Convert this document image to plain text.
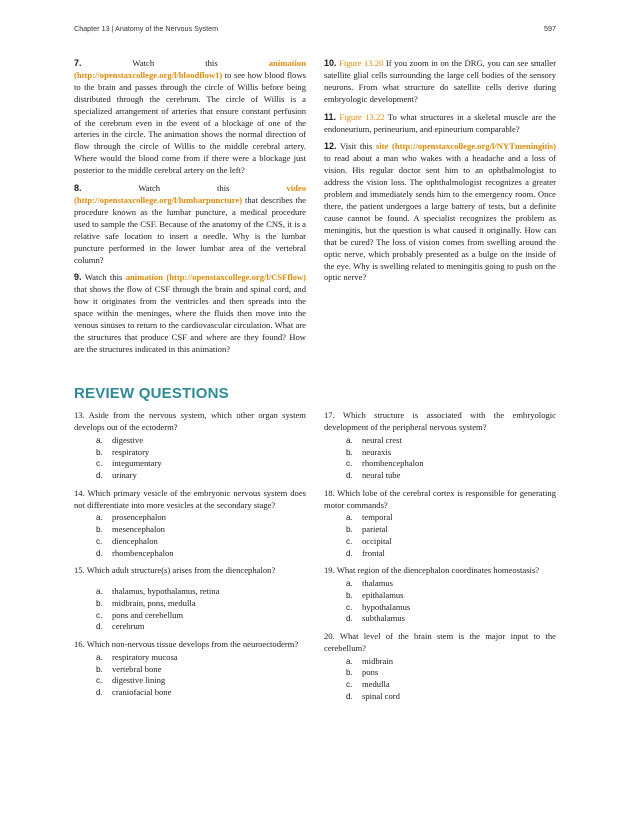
Chapter 13 | Anatomy of the Nervous System	597

7. Watch this animation (http://openstaxcollege.org/l/bloodflow1) to see how blood flows to the brain and passes through the circle of Willis before being distributed through the cerebrum. The circle of Willis is a specialized arrangement of arteries that ensure constant perfusion of the cerebrum even in the event of a blockage of one of the arteries in the circle. The animation shows the normal direction of flow through the circle of Willis to the middle cerebral artery. Where would the blood come from if there were a blockage just posterior to the middle cerebral artery on the left?

8. Watch this video (http://openstaxcollege.org/l/lumbarpuncture) that describes the procedure known as the lumbar puncture, a medical procedure used to sample the CSF. Because of the anatomy of the CNS, it is a relative safe location to insert a needle. Why is the lumbar puncture performed in the lower lumbar area of the vertebral column?

9. Watch this animation (http://openstaxcollege.org/l/CSFflow) that shows the flow of CSF through the brain and spinal cord, and how it originates from the ventricles and then spreads into the space within the meninges, where the fluids then move into the venous sinuses to return to the cardiovascular circulation. What are the structures that produce CSF and where are they found? How are the structures indicated in this animation?

10. Figure 13.20 If you zoom in on the DRG, you can see smaller satellite glial cells surrounding the large cell bodies of the sensory neurons. From what structure do satellite cells derive during embryologic development?

11. Figure 13.22 To what structures in a skeletal muscle are the endoneurium, perineurium, and epineurium comparable?

12. Visit this site (http://openstaxcollege.org/l/NYTmeningitis) to read about a man who wakes with a headache and a loss of vision. His regular doctor sent him to an ophthalmologist to address the vision loss. The ophthalmologist recognizes a greater problem and immediately sends him to the emergency room. Once there, the patient undergoes a large battery of tests, but a definite cause cannot be found. A specialist recognizes the problem as meningitis, but the question is what caused it originally. How can that be cured? The loss of vision comes from swelling around the optic nerve, which probably presented as a bulge on the inside of the eye. Why is swelling related to meningitis going to push on the optic nerve?

REVIEW QUESTIONS

13. Aside from the nervous system, which other organ system develops out of the ectoderm?

a.	digestive
b.	respiratory
c.	integumentary
d.	urinary

14. Which primary vesicle of the embryonic nervous system does not differentiate into more vesicles at the secondary stage?

a.	prosencephalon
b.	mesencephalon
c.	diencephalon
d.	rhombencephalon

15. Which adult structure(s) arises from the diencephalon?

a.	thalamus, hypothalamus, retina
b.	midbrain, pons, medulla
c.	pons and cerebellum
d.	cerebrum

16. Which non-nervous tissue develops from the neuroectoderm?

a.	respiratory mucosa
b.	vertebral bone
c.	digestive lining
d.	craniofacial bone

17. Which structure is associated with the embryologic development of the peripheral nervous system?

a.	neural crest
b.	neuraxis
c.	rhombencephalon
d.	neural tube

18. Which lobe of the cerebral cortex is responsible for generating motor commands?

a.	temporal
b.	parietal
c.	occipital
d.	frontal

19. What region of the diencephalon coordinates homeostasis?

a.	thalamus
b.	epithalamus
c.	hypothalamus
d.	subthalamus

20. What level of the brain stem is the major input to the cerebellum?

a.	midbrain
b.	pons
c.	medulla
d.	spinal cord
